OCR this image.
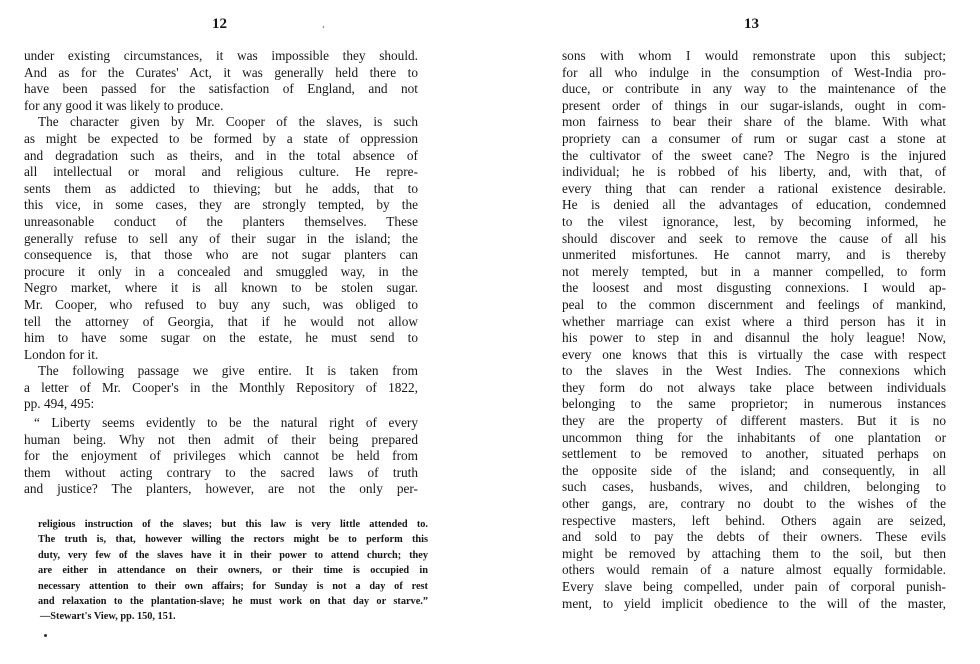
12	’
under existing circumstances, it was impossible they should.
And as for the Curates' Act, it was generally held there to
have been passed for the satisfaction of England, and not
for any good it was likely to produce.
The character given by Mr. Cooper of the slaves, is such
as might be expected to be formed by a state of oppression
and degradation such as theirs, and in the total absence of
all intellectual or moral and religious culture. He repre-
sents them as addicted to thieving; but he adds, that to
this vice, in some cases, they are strongly tempted, by the
unreasonable conduct of the planters themselves. These
generally refuse to sell any of their sugar in the island; the
consequence is, that those who are not sugar planters can
procure it only in a concealed and smuggled way, in the
Negro market, where it is all known to be stolen sugar.
Mr. Cooper, who refused to buy any such, was obliged to
tell the attorney of Georgia, that if he would not allow
him to have some sugar on the estate, he must send to
London for it.
The following passage we give entire. It is taken from
a letter of Mr. Cooper's in the Monthly Repository of 1822,
pp. 494, 495:
“ Liberty seems evidently to be the natural right of every
human being. Why not then admit of their being prepared
for the enjoyment of privileges which cannot be held from
them without acting contrary to the sacred laws of truth
and justice? The planters, however, are not the only per-
religious instruction of the slaves; but this law is very little attended to.
The truth is, that, however willing the rectors might be to perform this
duty, very few of the slaves have it in their power to attend church; they
are either in attendance on their owners, or their time is occupied in
necessary attention to their own affairs; for Sunday is not a day of rest
and relaxation to the plantation-slave; he must work on that day or starve.”
—Stewart's View, pp. 150, 151.
13
sons with whom I would remonstrate upon this subject;
for all who indulge in the consumption of West-India pro-
duce, or contribute in any way to the maintenance of the
present order of things in our sugar-islands, ought in com-
mon fairness to bear their share of the blame. With what
propriety can a consumer of rum or sugar cast a stone at
the cultivator of the sweet cane? The Negro is the injured
individual; he is robbed of his liberty, and, with that, of
every thing that can render a rational existence desirable.
He is denied all the advantages of education, condemned
to the vilest ignorance, lest, by becoming informed, he
should discover and seek to remove the cause of all his
unmerited misfortunes. He cannot marry, and is thereby
not merely tempted, but in a manner compelled, to form
the loosest and most disgusting connexions. I would ap-
peal to the common discernment and feelings of mankind,
whether marriage can exist where a third person has it in
his power to step in and disannul the holy league! Now,
every one knows that this is virtually the case with respect
to the slaves in the West Indies. The connexions which
they form do not always take place between individuals
belonging to the same proprietor; in numerous instances
they are the property of different masters. But it is no
uncommon thing for the inhabitants of one plantation or
settlement to be removed to another, situated perhaps on
the opposite side of the island; and consequently, in all
such cases, husbands, wives, and children, belonging to
other gangs, are, contrary no doubt to the wishes of the
respective masters, left behind. Others again are seized,
and sold to pay the debts of their owners. These evils
might be removed by attaching them to the soil, but then
others would remain of a nature almost equally formidable.
Every slave being compelled, under pain of corporal punish-
ment, to yield implicit obedience to the will of the master,
